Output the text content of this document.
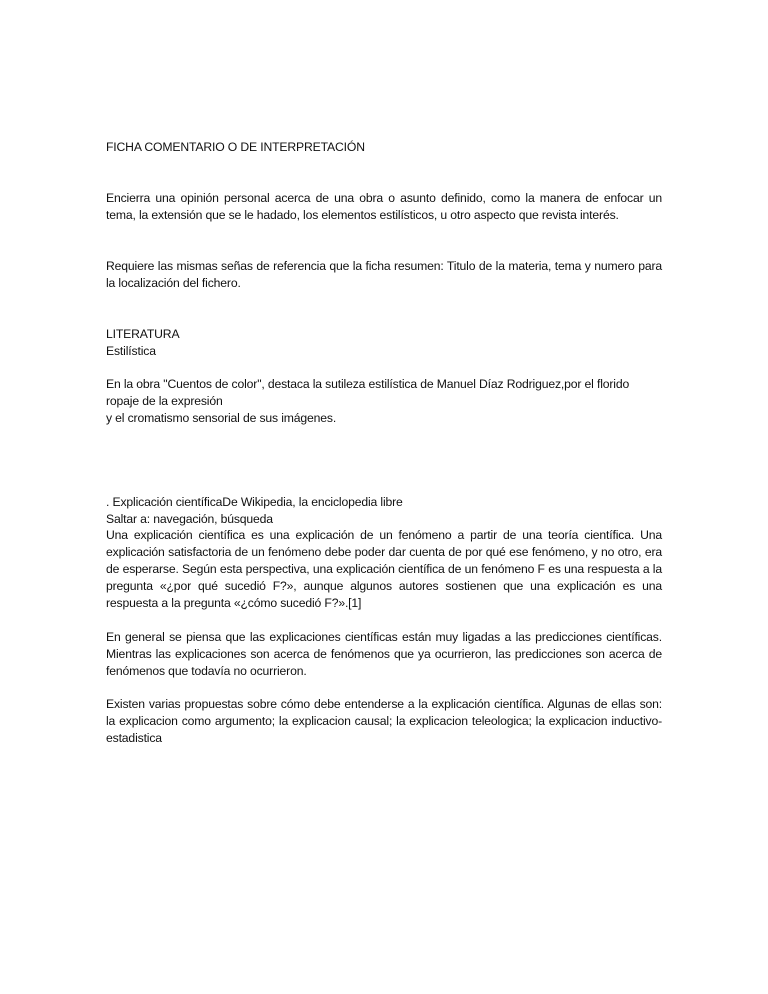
FICHA COMENTARIO O DE INTERPRETACIÓN
Encierra una opinión personal acerca de una obra o asunto definido, como la manera de enfocar un tema, la extensión que se le hadado, los elementos estilísticos, u otro aspecto que revista interés.
Requiere las mismas señas de referencia que la ficha resumen: Titulo de la materia, tema y numero para la localización del fichero.
LITERATURA
Estilística
En la obra "Cuentos de color", destaca la sutileza estilística de Manuel Díaz Rodriguez,por el florido
ropaje de la expresión
y el cromatismo sensorial de sus imágenes.
. Explicación científicaDe Wikipedia, la enciclopedia libre
Saltar a: navegación, búsqueda
Una explicación científica es una explicación de un fenómeno a partir de una teoría científica. Una explicación satisfactoria de un fenómeno debe poder dar cuenta de por qué ese fenómeno, y no otro, era de esperarse. Según esta perspectiva, una explicación científica de un fenómeno F es una respuesta a la pregunta «¿por qué sucedió F?», aunque algunos autores sostienen que una explicación es una respuesta a la pregunta «¿cómo sucedió F?».[1]
En general se piensa que las explicaciones científicas están muy ligadas a las predicciones científicas. Mientras las explicaciones son acerca de fenómenos que ya ocurrieron, las predicciones son acerca de fenómenos que todavía no ocurrieron.
Existen varias propuestas sobre cómo debe entenderse a la explicación científica. Algunas de ellas son: la explicacion como argumento; la explicacion causal; la explicacion teleologica; la explicacion inductivo-estadistica
